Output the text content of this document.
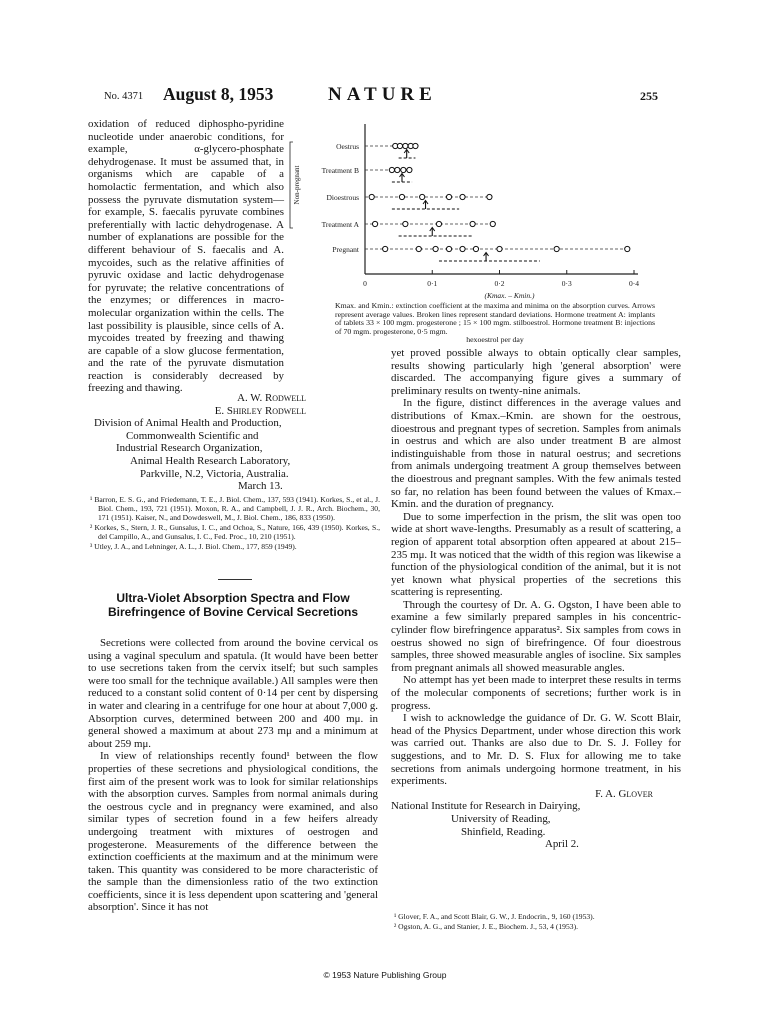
No. 4371 August 8, 1953	NATURE	255

oxidation of reduced diphospho-pyridine nucleotide under anaerobic conditions, for example, α-glycero-phosphate dehydrogenase. It must be assumed that, in organisms which are capable of a homolactic fermentation, and which also possess the pyruvate dismutation system—for example, S. faecalis pyruvate combines preferentially with lactic dehydrogenase. A number of explanations are possible for the different behaviour of S. faecalis and A. mycoides, such as the relative affinities of pyruvic oxidase and lactic dehydrogenase for pyruvate; the relative concentrations of the enzymes; or differences in macro-molecular organization within the cells. The last possibility is plausible, since cells of A. mycoides treated by freezing and thawing are capable of a slow glucose fermentation, and the rate of the pyruvate dismutation reaction is considerably decreased by freezing and thawing.

0	0·1	0·2	0·3	0·4
(Kmax. – Kmin.)
Non-pregnant
Oestrus
Treatment B
Dioestrous
Treatment A
Pregnant
Kmax. and Kmin.: extinction coefficient at the maxima and minima on the absorption curves. Arrows represent average values. Broken lines represent standard deviations. Hormone treatment A: implants of tablets 33 × 100 mgm. progesterone ; 15 × 100 mgm. stilboestrol. Hormone treatment B: injections of 70 mgm. progesterone, 0·5 mgm.
hexoestrol per day

A. W. Rodwell

E. Shirley Rodwell

Division of Animal Health and Production,

Commonwealth Scientific and

Industrial Research Organization,

Animal Health Research Laboratory,

Parkville, N.2, Victoria, Australia.

March 13.

¹ Barron, E. S. G., and Friedemann, T. E., J. Biol. Chem., 137, 593 (1941). Korkes, S., et al., J. Biol. Chem., 193, 721 (1951). Moxon, R. A., and Campbell, J. J. R., Arch. Biochem., 30, 171 (1951). Kaiser, N., and Dowdeswell, M., J. Biol. Chem., 186, 833 (1950).

² Korkes, S., Stern, J. R., Gunsalus, I. C., and Ochoa, S., Nature, 166, 439 (1950). Korkes, S., del Campillo, A., and Gunsalus, I. C., Fed. Proc., 10, 210 (1951).

³ Utley, J. A., and Lehninger, A. L., J. Biol. Chem., 177, 859 (1949).

Ultra-Violet Absorption Spectra and Flow Birefringence of Bovine Cervical Secretions

Secretions were collected from around the bovine cervical os using a vaginal speculum and spatula. (It would have been better to use secretions taken from the cervix itself; but such samples were too small for the technique available.) All samples were then reduced to a constant solid content of 0·14 per cent by dispersing in water and clearing in a centrifuge for one hour at about 7,000 g. Absorption curves, determined between 200 and 400 mμ. in general showed a maximum at about 273 mμ and a minimum at about 259 mμ.

In view of relationships recently found¹ between the flow properties of these secretions and physiological conditions, the first aim of the present work was to look for similar relationships with the absorption curves. Samples from normal animals during the oestrous cycle and in pregnancy were examined, and also similar types of secretion found in a few heifers already undergoing treatment with mixtures of oestrogen and progesterone. Measurements of the difference between the extinction coefficients at the maximum and at the minimum were taken. This quantity was considered to be more characteristic of the sample than the dimensionless ratio of the two extinction coefficients, since it is less dependent upon scattering and 'general absorption'. Since it has not

yet proved possible always to obtain optically clear samples, results showing particularly high 'general absorption' were discarded. The accompanying figure gives a summary of preliminary results on twenty-nine animals.

In the figure, distinct differences in the average values and distributions of Kmax.–Kmin. are shown for the oestrous, dioestrous and pregnant types of secretion. Samples from animals in oestrus and which are also under treatment B are almost indistinguishable from those in natural oestrus; and secretions from animals undergoing treatment A group themselves between the dioestrous and pregnant samples. With the few animals tested so far, no relation has been found between the values of Kmax.–Kmin. and the duration of pregnancy.

Due to some imperfection in the prism, the slit was open too wide at short wave-lengths. Presumably as a result of scattering, a region of apparent total absorption often appeared at about 215–235 mμ. It was noticed that the width of this region was likewise a function of the physiological condition of the animal, but it is not yet known what physical properties of the secretions this scattering is representing.

Through the courtesy of Dr. A. G. Ogston, I have been able to examine a few similarly prepared samples in his concentric-cylinder flow birefringence apparatus². Six samples from cows in oestrus showed no sign of birefringence. Of four dioestrous samples, three showed measurable angles of isocline. Six samples from pregnant animals all showed measurable angles.

No attempt has yet been made to interpret these results in terms of the molecular components of secretions; further work is in progress.

I wish to acknowledge the guidance of Dr. G. W. Scott Blair, head of the Physics Department, under whose direction this work was carried out. Thanks are also due to Dr. S. J. Folley for suggestions, and to Mr. D. S. Flux for allowing me to take secretions from animals undergoing hormone treatment, in his experiments.

F. A. Glover

National Institute for Research in Dairying,

University of Reading,

Shinfield, Reading.

April 2.

¹ Glover, F. A., and Scott Blair, G. W., J. Endocrin., 9, 160 (1953).

² Ogston, A. G., and Stanier, J. E., Biochem. J., 53, 4 (1953).

© 1953 Nature Publishing Group
